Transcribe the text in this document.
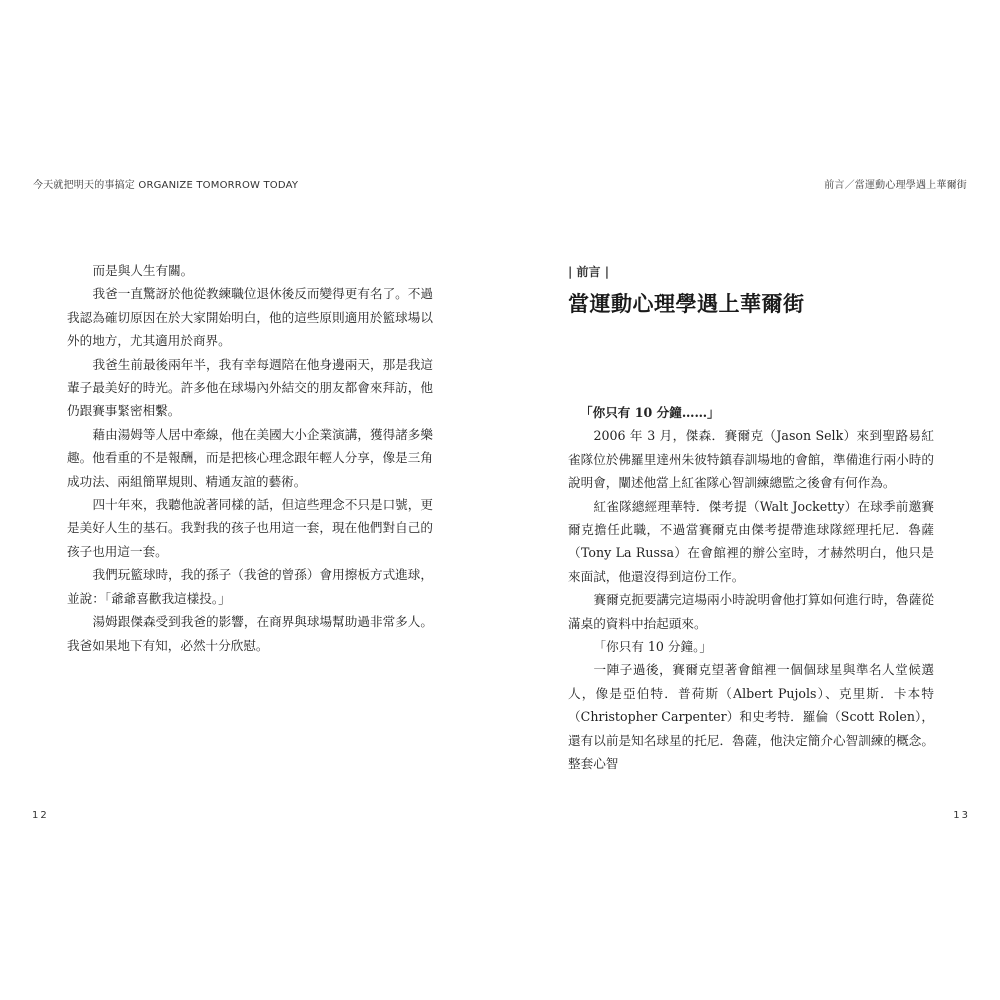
今天就把明天的事搞定 ORGANIZE TOMORROW TODAY

而是與人生有關。

我爸一直驚訝於他從教練職位退休後反而變得更有名了。不過我認為確切原因在於大家開始明白，他的這些原則適用於籃球場以外的地方，尤其適用於商界。

我爸生前最後兩年半，我有幸每週陪在他身邊兩天，那是我這輩子最美好的時光。許多他在球場內外結交的朋友都會來拜訪，他仍跟賽事緊密相繫。

藉由湯姆等人居中牽線，他在美國大小企業演講，獲得諸多樂趣。他看重的不是報酬，而是把核心理念跟年輕人分享，像是三角成功法、兩組簡單規則、精通友誼的藝術。

四十年來，我聽他說著同樣的話，但這些理念不只是口號，更是美好人生的基石。我對我的孩子也用這一套，現在他們對自己的孩子也用這一套。

我們玩籃球時，我的孫子（我爸的曾孫）會用擦板方式進球，並說：「爺爺喜歡我這樣投。」

湯姆跟傑森受到我爸的影響，在商界與球場幫助過非常多人。我爸如果地下有知，必然十分欣慰。

12
前言／當運動心理學遇上華爾街
| 前言 |
當運動心理學遇上華爾街

「你只有 10 分鐘……」

2006 年 3 月，傑森．賽爾克（Jason Selk）來到聖路易紅雀隊位於佛羅里達州朱彼特鎮春訓場地的會館，準備進行兩小時的說明會，闡述他當上紅雀隊心智訓練總監之後會有何作為。

紅雀隊總經理華特．傑考提（Walt Jocketty）在球季前邀賽爾克擔任此職，不過當賽爾克由傑考提帶進球隊經理托尼．魯薩（Tony La Russa）在會館裡的辦公室時，才赫然明白，他只是來面試，他還沒得到這份工作。

賽爾克扼要講完這場兩小時說明會他打算如何進行時，魯薩從滿桌的資料中抬起頭來。

「你只有 10 分鐘。」

一陣子過後，賽爾克望著會館裡一個個球星與準名人堂候選人，像是亞伯特．普荷斯（Albert Pujols）、克里斯．卡本特（Christopher Carpenter）和史考特．羅倫（Scott Rolen），還有以前是知名球星的托尼．魯薩，他決定簡介心智訓練的概念。整套心智

13
